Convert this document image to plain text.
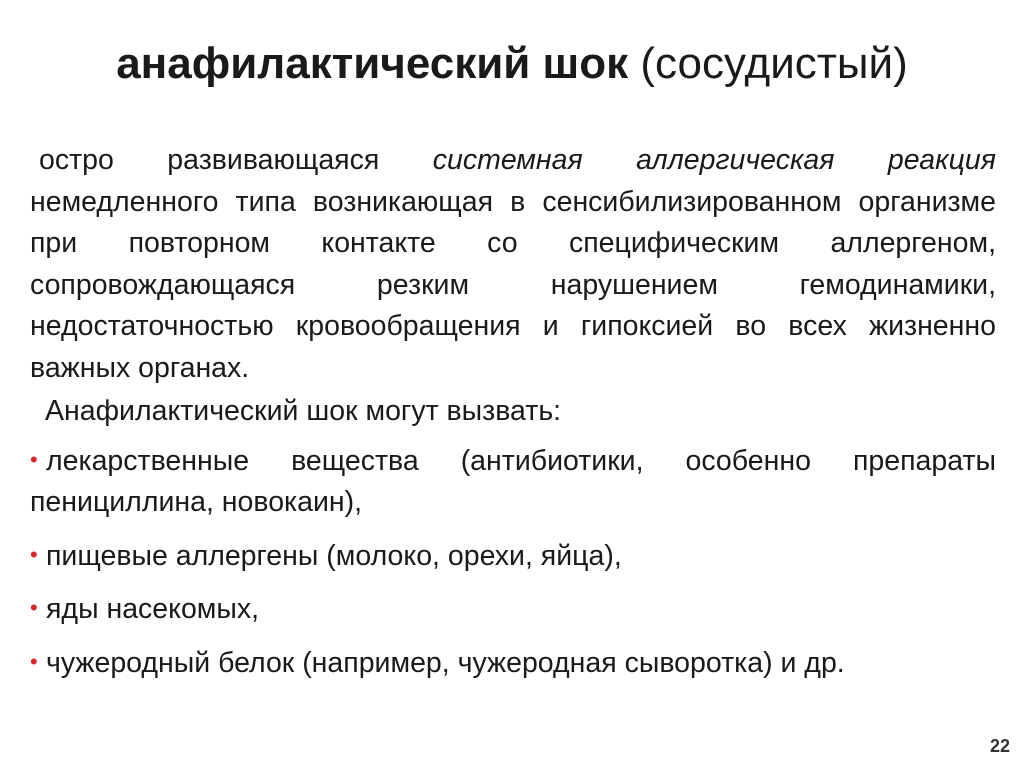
анафилактический шок (сосудистый)

остро развивающаяся системная аллергическая реакция немедленного типа возникающая в сенсибилизированном организме при повторном контакте со специфическим аллергеном, сопровождающаяся резким нарушением гемодинамики, недостаточностью кровообращения и гипоксией во всех жизненно важных органах.

Анафилактический шок могут вызвать:

• лекарственные вещества (антибиотики, особенно препараты пенициллина, новокаин),
• пищевые аллергены (молоко, орехи, яйца),
• яды насекомых,
• чужеродный белок (например, чужеродная сыворотка) и др.
22
